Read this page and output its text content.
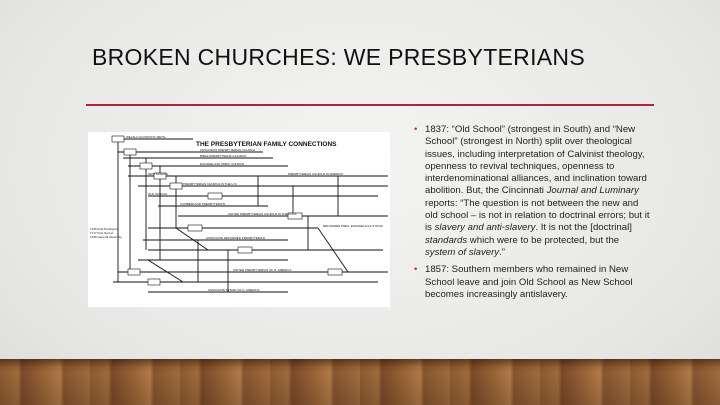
BROKEN CHURCHES: WE PRESBYTERIANS
THE PRESBYTERIAN FAMILY CONNECTIONS
WELSH CALVINISTIC METH.
ORTHODOX PRESBYTERIAN CHURCH
BIBLE PRESBYTERIAN CHURCH
EVANGELICAL PRES. CHURCH
PRESBYTERIAN CHURCH IN AMERICA
PRESBYTERIAN CHURCH IN THE U.S.
CUMBERLAND PRESBYTERIAN
UNITED PRESBYTERIAN CHURCH IN THE U.S.A.
REFORMED PRES. EVANGELICAL SYNOD
ASSOCIATE REFORMED PRESBYTERIAN
UNITED PRESBYTERIAN OF N. AMERICA
ASSOCIATE SYNOD OF N. AMERICA
OLD SCHOOL
NEW SCHOOL
1706 First Presbytery
1717 First Synod
1789 General Assembly
• 1837: “Old School” (strongest in South) and “New School” (strongest in North) split over theological issues, including interpretation of Calvinist theology, openness to revival techniques, openness to interdenominational alliances, and inclination toward abolition. But, the Cincinnati Journal and Luminary reports: “The question is not between the new and old school – is not in relation to doctrinal errors; but it is slavery and anti-slavery. It is not the [doctrinal] standards which were to be protected, but the system of slavery.”
• 1857: Southern members who remained in New School leave and join Old School as New School becomes increasingly antislavery.
